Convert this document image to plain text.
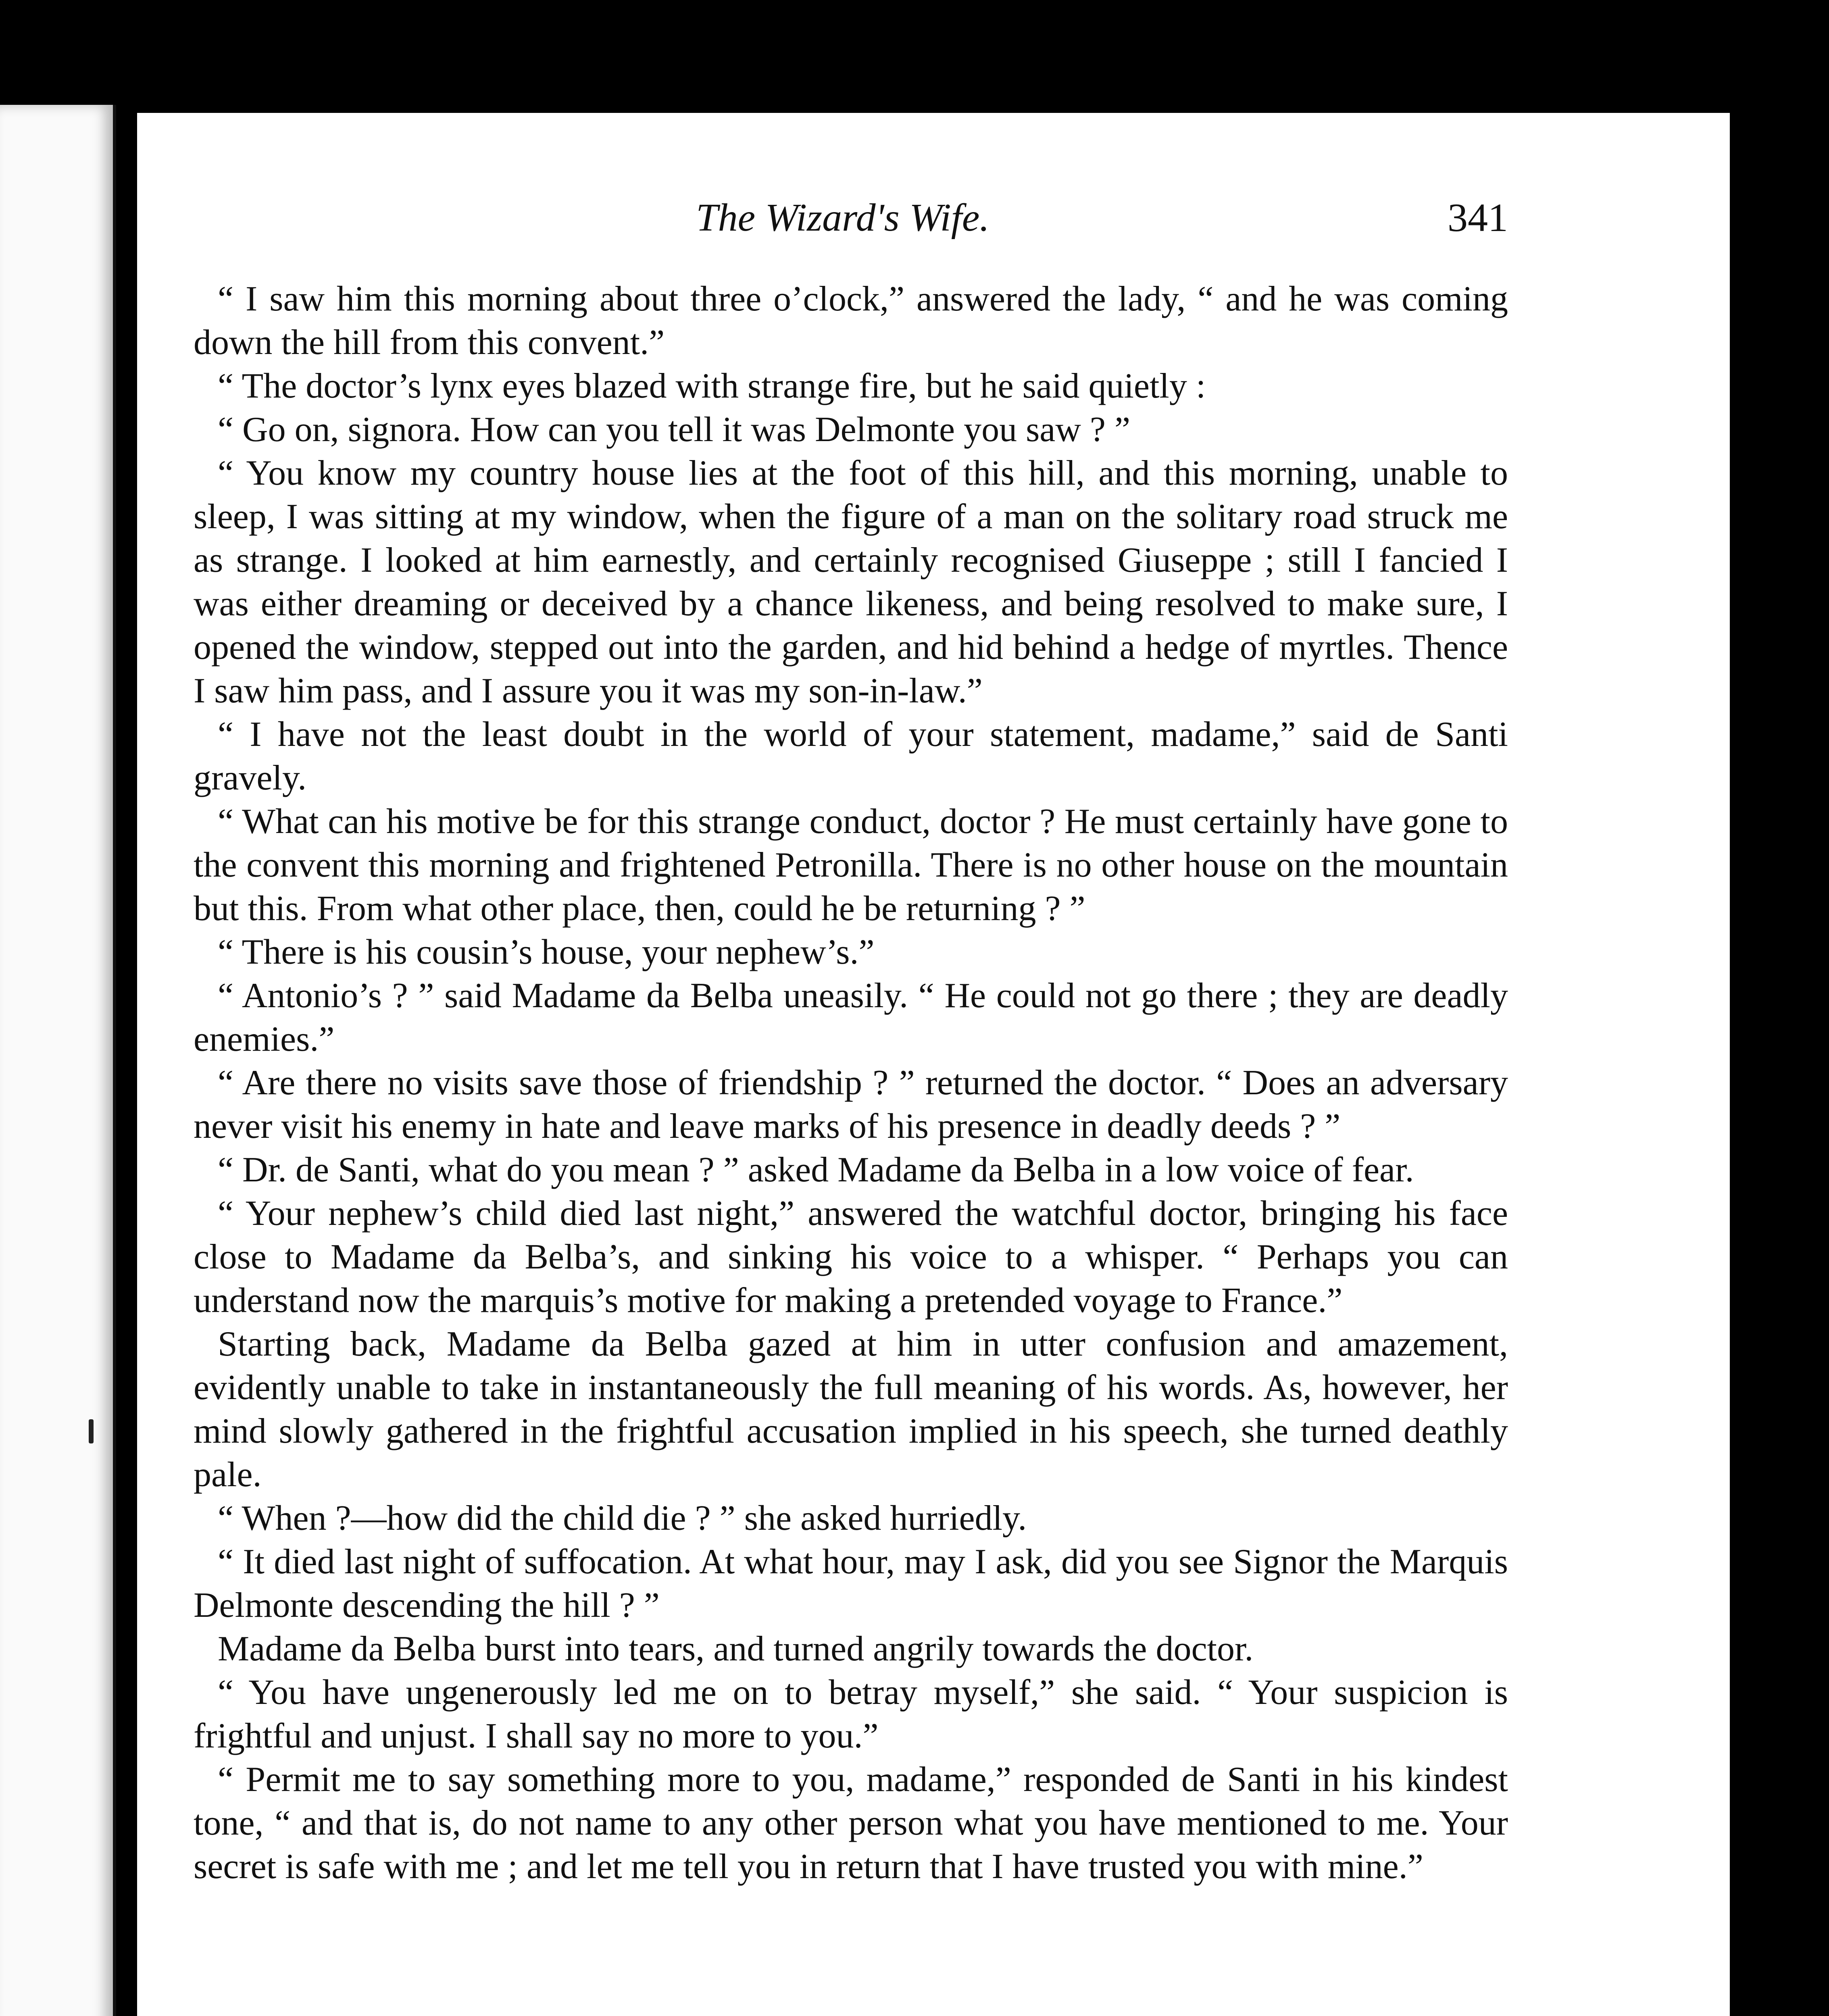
The Wizard's Wife.	341

“ I saw him this morning about three o’clock,” answered the lady, “ and he was coming down the hill from this convent.”

“ The doctor’s lynx eyes blazed with strange fire, but he said quietly :

“ Go on, signora. How can you tell it was Delmonte you saw ? ”

“ You know my country house lies at the foot of this hill, and this morning, unable to sleep, I was sitting at my window, when the figure of a man on the solitary road struck me as strange. I looked at him earnestly, and certainly recognised Giuseppe ; still I fancied I was either dreaming or deceived by a chance likeness, and being resolved to make sure, I opened the window, stepped out into the garden, and hid behind a hedge of myrtles. Thence I saw him pass, and I assure you it was my son-in-law.”

“ I have not the least doubt in the world of your statement, madame,” said de Santi gravely.

“ What can his motive be for this strange conduct, doctor ? He must certainly have gone to the convent this morning and frightened Petronilla. There is no other house on the mountain but this. From what other place, then, could he be returning ? ”

“ There is his cousin’s house, your nephew’s.”

“ Antonio’s ? ” said Madame da Belba uneasily. “ He could not go there ; they are deadly enemies.”

“ Are there no visits save those of friendship ? ” returned the doctor. “ Does an adversary never visit his enemy in hate and leave marks of his presence in deadly deeds ? ”

“ Dr. de Santi, what do you mean ? ” asked Madame da Belba in a low voice of fear.

“ Your nephew’s child died last night,” answered the watchful doctor, bringing his face close to Madame da Belba’s, and sinking his voice to a whisper. “ Perhaps you can understand now the marquis’s motive for making a pretended voyage to France.”

Starting back, Madame da Belba gazed at him in utter confusion and amazement, evidently unable to take in instantaneously the full meaning of his words. As, however, her mind slowly gathered in the frightful accusation implied in his speech, she turned deathly pale.

“ When ?—how did the child die ? ” she asked hurriedly.

“ It died last night of suffocation. At what hour, may I ask, did you see Signor the Marquis Delmonte descending the hill ? ”

Madame da Belba burst into tears, and turned angrily towards the doctor.

“ You have ungenerously led me on to betray myself,” she said. “ Your suspicion is frightful and unjust. I shall say no more to you.”

“ Permit me to say something more to you, madame,” responded de Santi in his kindest tone, “ and that is, do not name to any other person what you have mentioned to me. Your secret is safe with me ; and let me tell you in return that I have trusted you with mine.”
